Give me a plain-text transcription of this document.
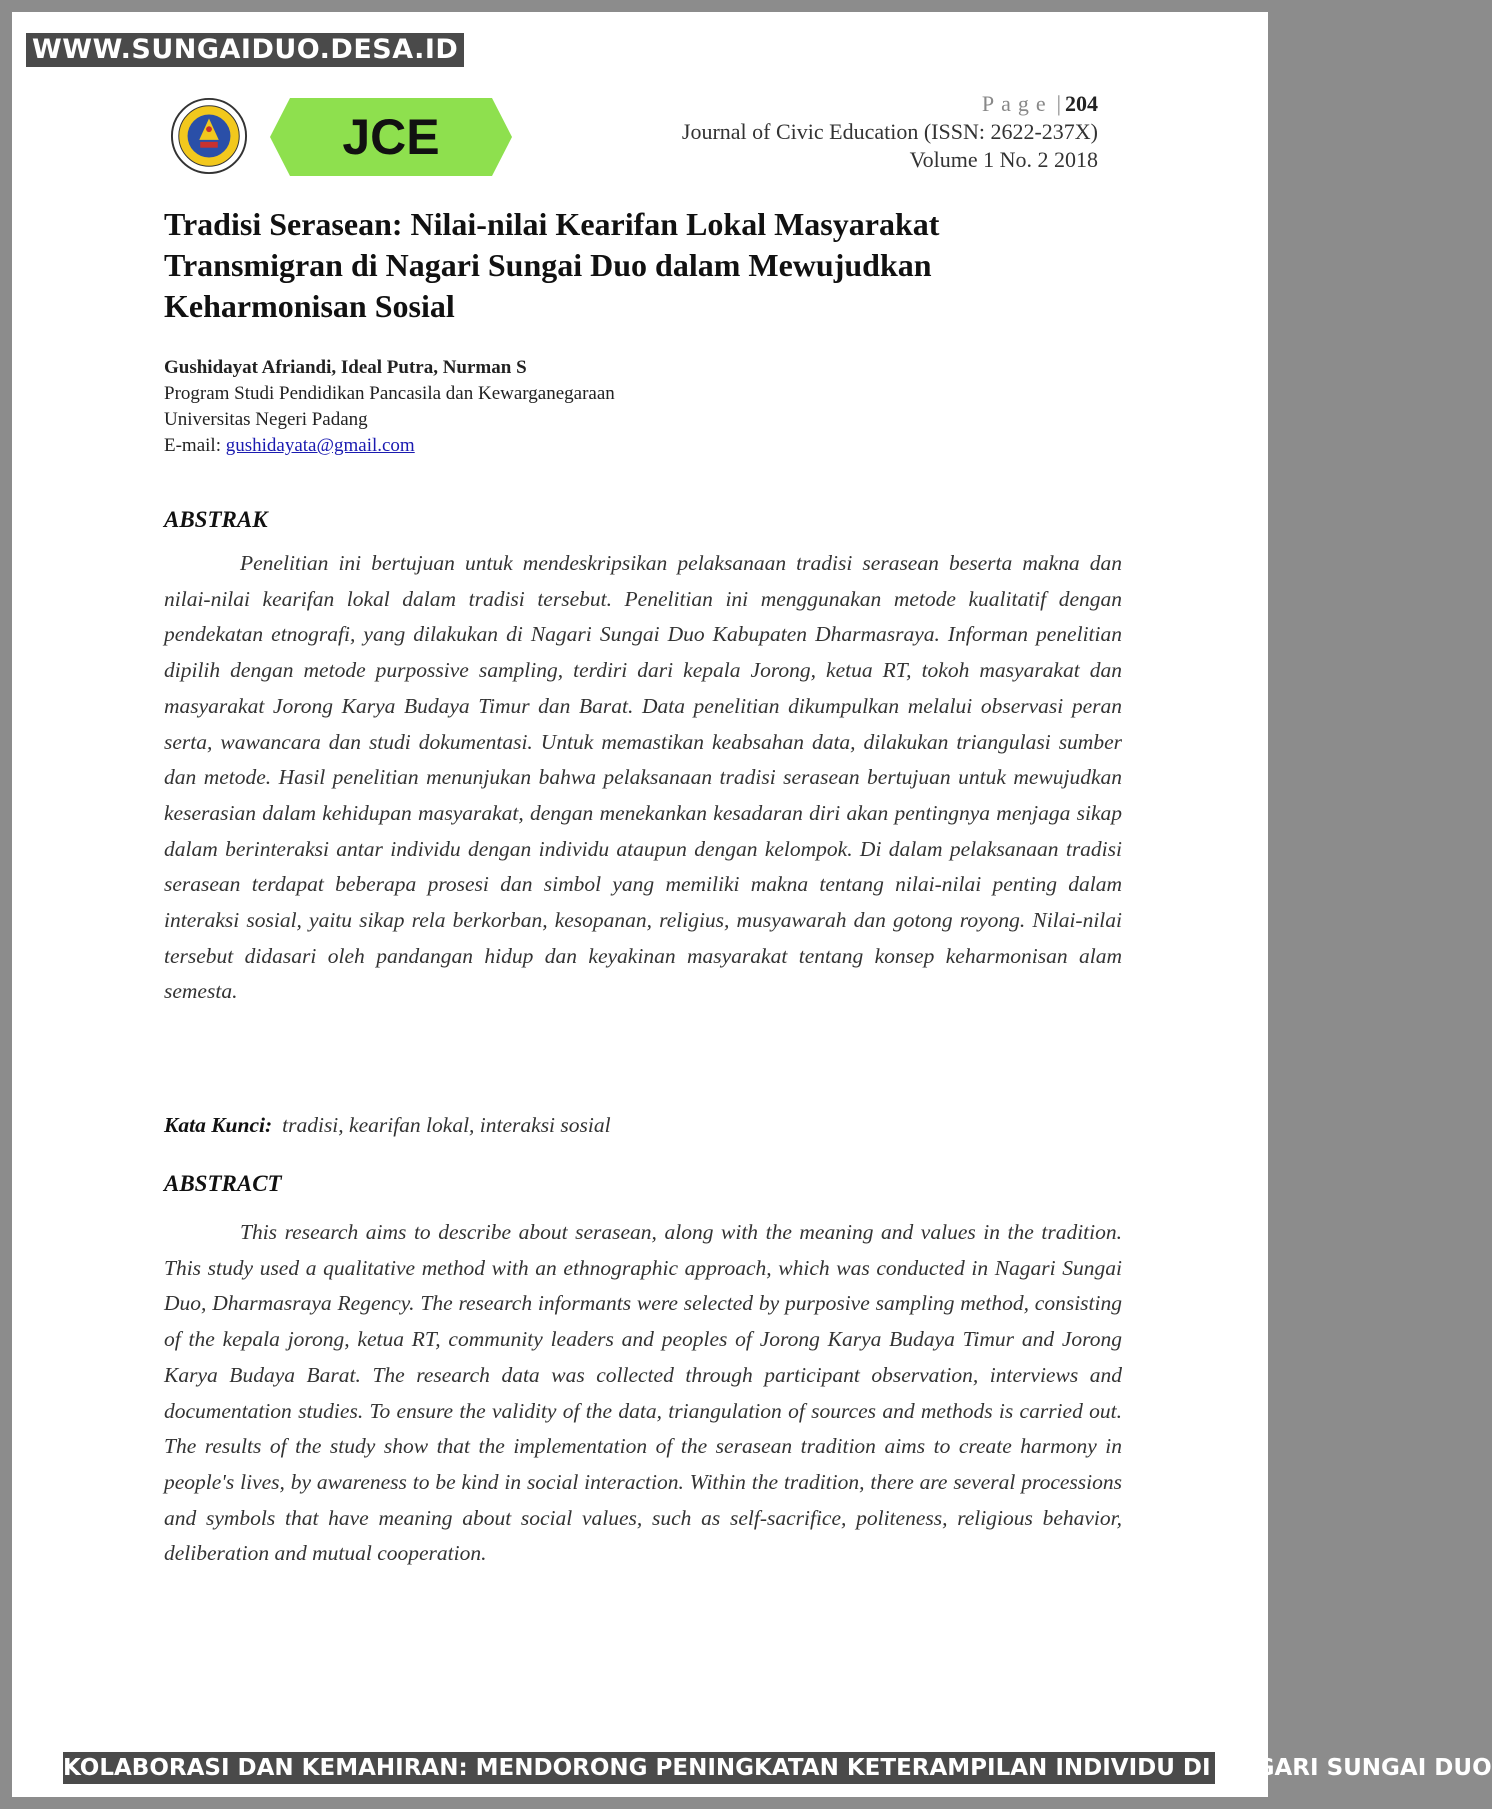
JCE
Page | 204
Journal of Civic Education (ISSN: 2622-237X)
Volume 1 No. 2 2018
Tradisi Serasean: Nilai-nilai Kearifan Lokal Masyarakat Transmigran di Nagari Sungai Duo dalam Mewujudkan Keharmonisan Sosial
Gushidayat Afriandi, Ideal Putra, Nurman S
Program Studi Pendidikan Pancasila dan Kewarganegaraan
Universitas Negeri Padang
E-mail: gushidayata@gmail.com
ABSTRAK

Penelitian ini bertujuan untuk mendeskripsikan pelaksanaan tradisi serasean beserta makna dan nilai-nilai kearifan lokal dalam tradisi tersebut. Penelitian ini menggunakan metode kualitatif dengan pendekatan etnografi, yang dilakukan di Nagari Sungai Duo Kabupaten Dharmasraya. Informan penelitian dipilih dengan metode purpossive sampling, terdiri dari kepala Jorong, ketua RT, tokoh masyarakat dan masyarakat Jorong Karya Budaya Timur dan Barat. Data penelitian dikumpulkan melalui observasi peran serta, wawancara dan studi dokumentasi. Untuk memastikan keabsahan data, dilakukan triangulasi sumber dan metode. Hasil penelitian menunjukan bahwa pelaksanaan tradisi serasean bertujuan untuk mewujudkan keserasian dalam kehidupan masyarakat, dengan menekankan kesadaran diri akan pentingnya menjaga sikap dalam berinteraksi antar individu dengan individu ataupun dengan kelompok. Di dalam pelaksanaan tradisi serasean terdapat beberapa prosesi dan simbol yang memiliki makna tentang nilai-nilai penting dalam interaksi sosial, yaitu sikap rela berkorban, kesopanan, religius, musyawarah dan gotong royong. Nilai-nilai tersebut didasari oleh pandangan hidup dan keyakinan masyarakat tentang konsep keharmonisan alam semesta.

Kata Kunci: tradisi, kearifan lokal, interaksi sosial
ABSTRACT

This research aims to describe about serasean, along with the meaning and values in the tradition. This study used a qualitative method with an ethnographic approach, which was conducted in Nagari Sungai Duo, Dharmasraya Regency. The research informants were selected by purposive sampling method, consisting of the kepala jorong, ketua RT, community leaders and peoples of Jorong Karya Budaya Timur and Jorong Karya Budaya Barat. The research data was collected through participant observation, interviews and documentation studies. To ensure the validity of the data, triangulation of sources and methods is carried out. The results of the study show that the implementation of the serasean tradition aims to create harmony in people's lives, by awareness to be kind in social interaction. Within the tradition, there are several processions and symbols that have meaning about social values, such as self-sacrifice, politeness, religious behavior, deliberation and mutual cooperation.

WWW.SUNGAIDUO.DESA.ID
KOLABORASI DAN KEMAHIRAN: MENDORONG PENINGKATAN KETERAMPILAN INDIVIDU DI NAGARI SUNGAI DUO
